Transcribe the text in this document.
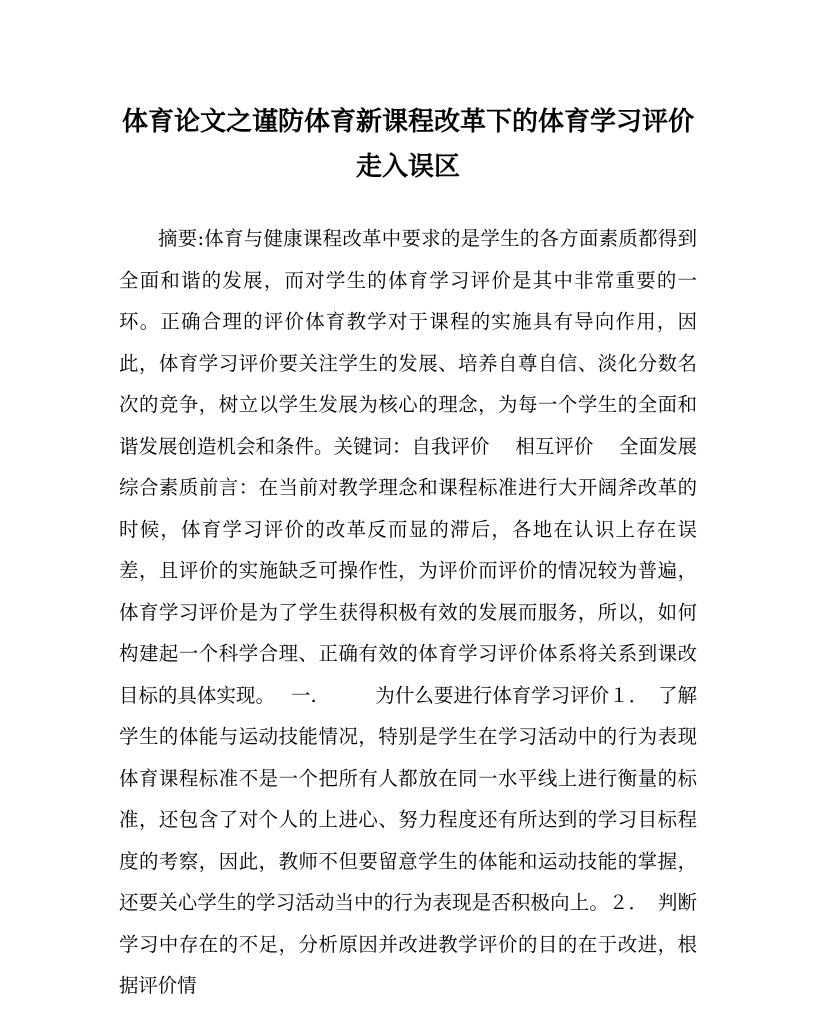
体育论文之谨防体育新课程改革下的体育学习评价走入误区

摘要:体育与健康课程改革中要求的是学生的各方面素质都得到全面和谐的发展，而对学生的体育学习评价是其中非常重要的一环。正确合理的评价体育教学对于课程的实施具有导向作用，因此，体育学习评价要关注学生的发展、培养自尊自信、淡化分数名次的竞争，树立以学生发展为核心的理念，为每一个学生的全面和谐发展创造机会和条件。关键词：自我评价　 相互评价　 全面发展　 综合素质前言：在当前对教学理念和课程标准进行大开阔斧改革的时候，体育学习评价的改革反而显的滞后，各地在认识上存在误差，且评价的实施缺乏可操作性，为评价而评价的情况较为普遍，体育学习评价是为了学生获得积极有效的发展而服务，所以，如何构建起一个科学合理、正确有效的体育学习评价体系将关系到课改目标的具体实现。　 一.　　　为什么要进行体育学习评价１．　了解学生的体能与运动技能情况，特别是学生在学习活动中的行为表现体育课程标准不是一个把所有人都放在同一水平线上进行衡量的标准，还包含了对个人的上进心、努力程度还有所达到的学习目标程度的考察，因此，教师不但要留意学生的体能和运动技能的掌握，还要关心学生的学习活动当中的行为表现是否积极向上。２．　判断学习中存在的不足，分析原因并改进教学评价的目的在于改进，根据评价情
